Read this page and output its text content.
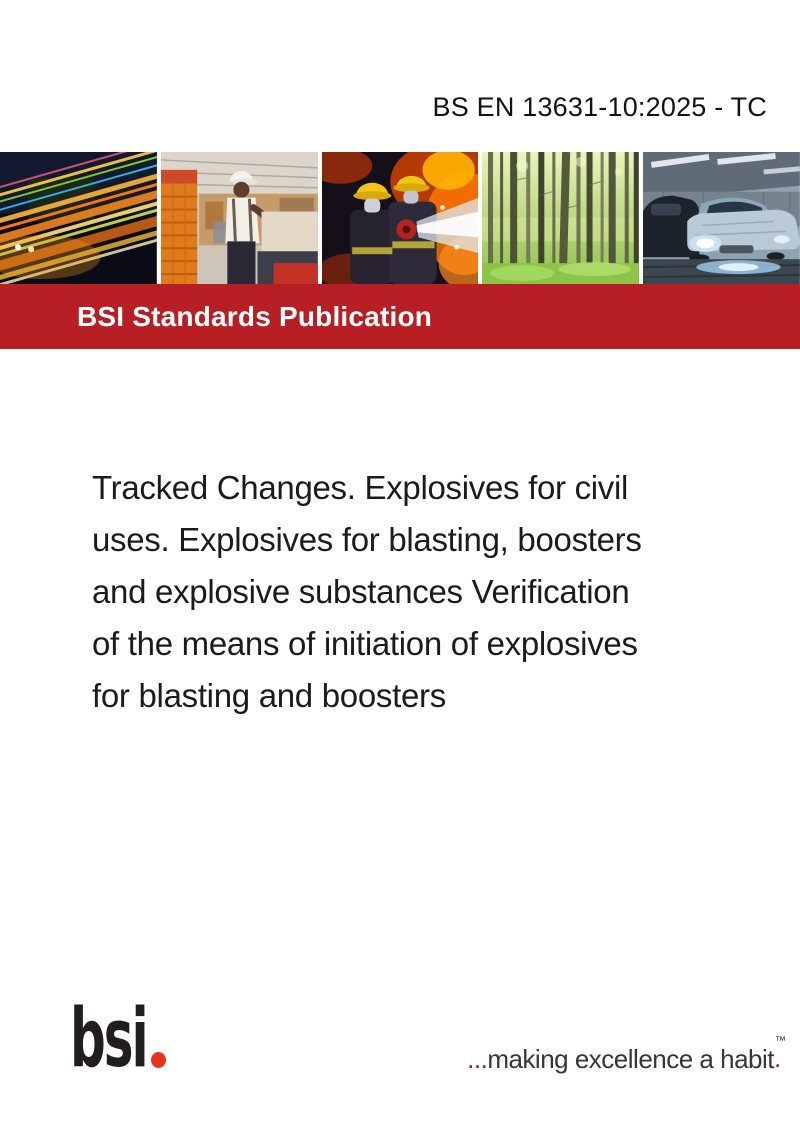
BS EN 13631-10:2025 - TC
BSI Standards Publication
Tracked Changes. Explosives for civil
uses. Explosives for blasting, boosters
and explosive substances Verification
of the means of initiation of explosives
for blasting and boosters
bsi	...making excellence a habit
™
.
